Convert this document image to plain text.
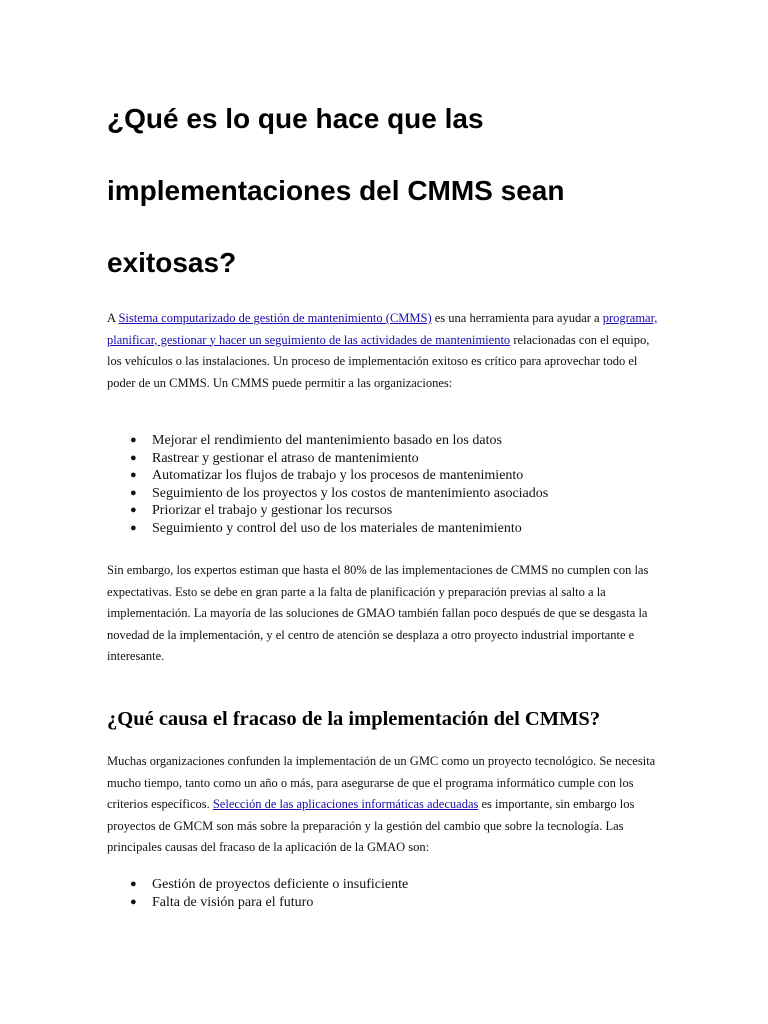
¿Qué es lo que hace que las implementaciones del CMMS sean exitosas?

A Sistema computarizado de gestión de mantenimiento (CMMS) es una herramienta para ayudar a programar, planificar, gestionar y hacer un seguimiento de las actividades de mantenimiento relacionadas con el equipo, los vehículos o las instalaciones. Un proceso de implementación exitoso es crítico para aprovechar todo el poder de un CMMS. Un CMMS puede permitir a las organizaciones:

● Mejorar el rendimiento del mantenimiento basado en los datos
● Rastrear y gestionar el atraso de mantenimiento
● Automatizar los flujos de trabajo y los procesos de mantenimiento
● Seguimiento de los proyectos y los costos de mantenimiento asociados
● Priorizar el trabajo y gestionar los recursos
● Seguimiento y control del uso de los materiales de mantenimiento

Sin embargo, los expertos estiman que hasta el 80% de las implementaciones de CMMS no cumplen con las expectativas. Esto se debe en gran parte a la falta de planificación y preparación previas al salto a la implementación. La mayoría de las soluciones de GMAO también fallan poco después de que se desgasta la novedad de la implementación, y el centro de atención se desplaza a otro proyecto industrial importante e interesante.

¿Qué causa el fracaso de la implementación del CMMS?

Muchas organizaciones confunden la implementación de un GMC como un proyecto tecnológico. Se necesita mucho tiempo, tanto como un año o más, para asegurarse de que el programa informático cumple con los criterios específicos. Selección de las aplicaciones informáticas adecuadas es importante, sin embargo los proyectos de GMCM son más sobre la preparación y la gestión del cambio que sobre la tecnología. Las principales causas del fracaso de la aplicación de la GMAO son:

● Gestión de proyectos deficiente o insuficiente
● Falta de visión para el futuro
